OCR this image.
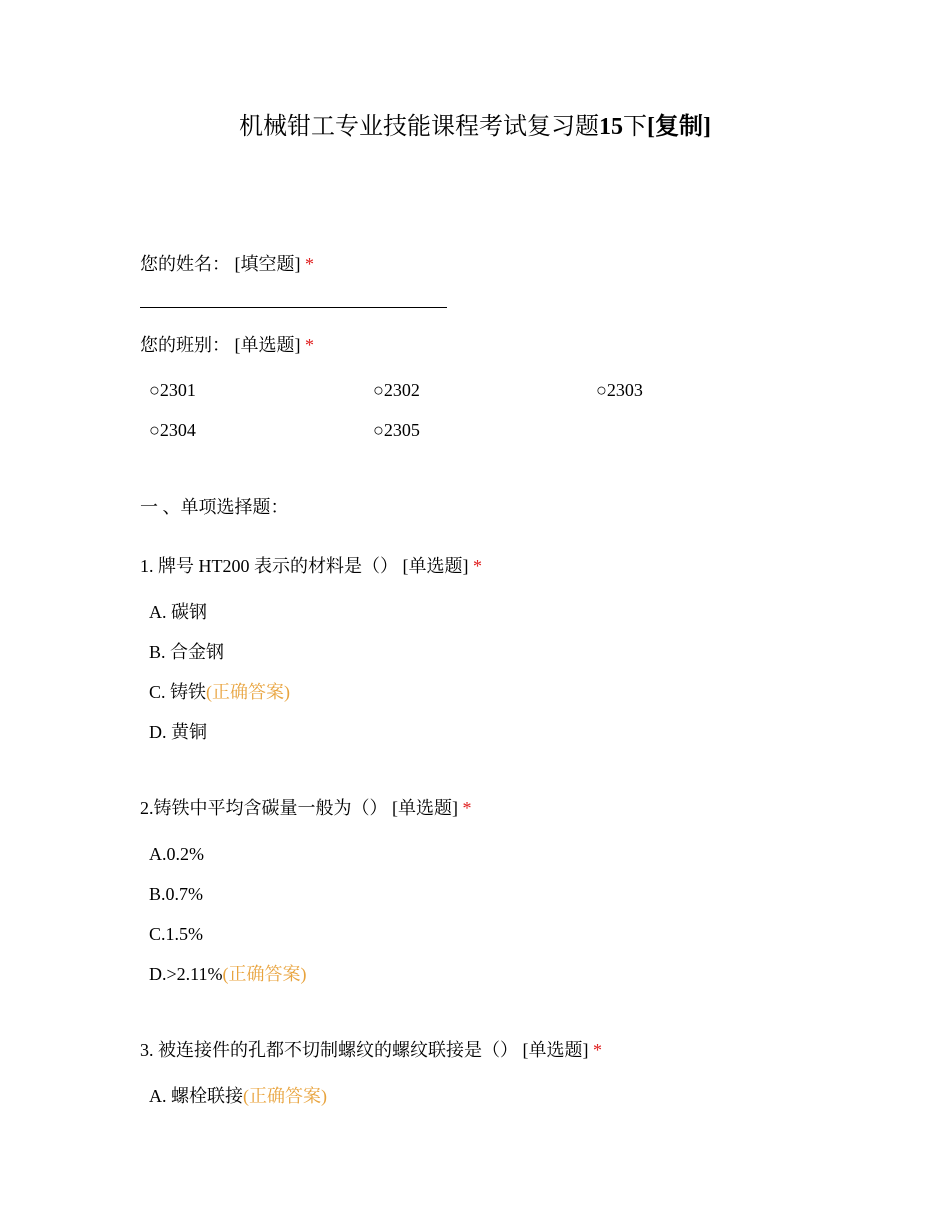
机械钳工专业技能课程考试复习题15下[复制]
您的姓名： [填空题] *
您的班别： [单选题] *
○2301	○2302	○2303
○2304	○2305
一 、单项选择题：
1. 牌号 HT200 表示的材料是（） [单选题] *
A. 碳钢
B. 合金钢
C. 铸铁(正确答案)
D. 黄铜
2.铸铁中平均含碳量一般为（） [单选题] *
A.0.2%
B.0.7%
C.1.5%
D.>2.11%(正确答案)
3. 被连接件的孔都不切制螺纹的螺纹联接是（） [单选题] *
A. 螺栓联接(正确答案)
